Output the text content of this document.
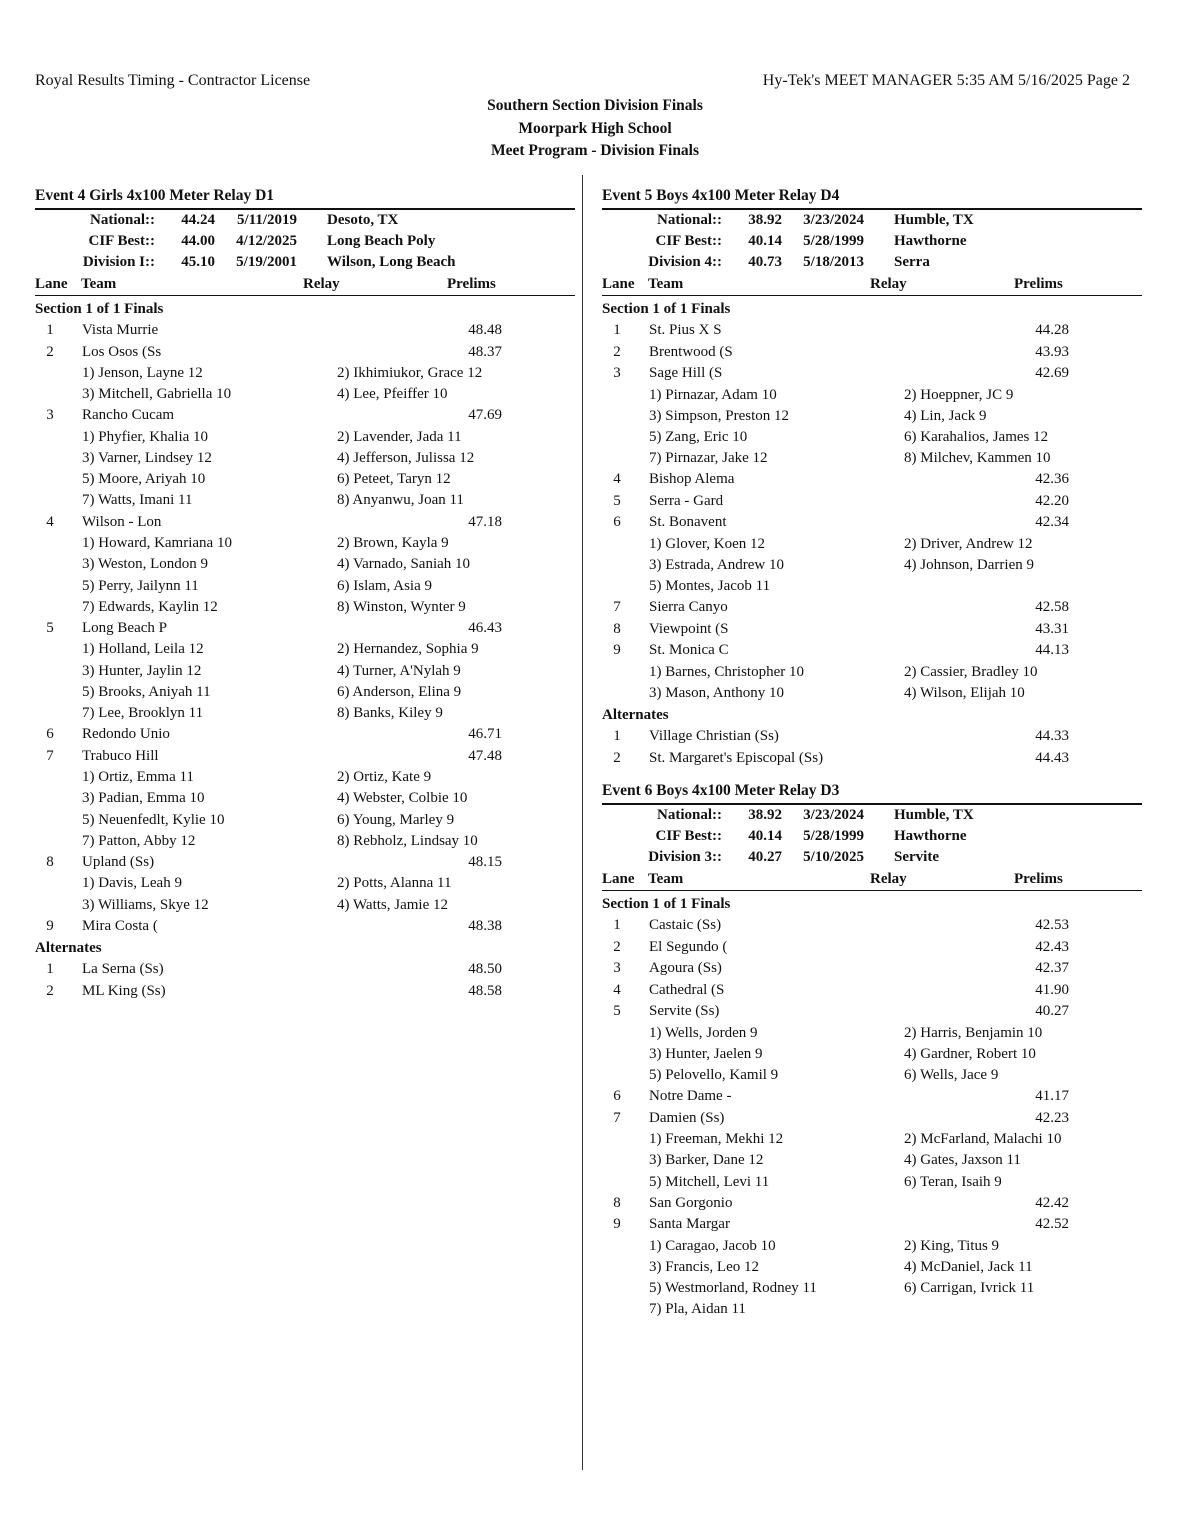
Royal Results Timing - Contractor License	Hy-Tek's MEET MANAGER 5:35 AM 5/16/2025 Page 2
Southern Section Division Finals
Moorpark High School
Meet Program - Division Finals
Event 4 Girls 4x100 Meter Relay D1
National::	44.24	5/11/2019 Desoto, TX
CIF Best::	44.00	4/12/2025 Long Beach Poly
Division I::	45.10	5/19/2001 Wilson, Long Beach
Lane Team	Relay	Prelims
Section 1 of 1 Finals
1	Vista Murrie	48.48
2	Los Osos (Ss	48.37
1) Jenson, Layne 12	2) Ikhimiukor, Grace 12
3) Mitchell, Gabriella 10	4) Lee, Pfeiffer 10
3	Rancho Cucam	47.69
1) Phyfier, Khalia 10	2) Lavender, Jada 11
3) Varner, Lindsey 12	4) Jefferson, Julissa 12
5) Moore, Ariyah 10	6) Peteet, Taryn 12
7) Watts, Imani 11	8) Anyanwu, Joan 11
4	Wilson - Lon	47.18
1) Howard, Kamriana 10	2) Brown, Kayla 9
3) Weston, London 9	4) Varnado, Saniah 10
5) Perry, Jailynn 11	6) Islam, Asia 9
7) Edwards, Kaylin 12	8) Winston, Wynter 9
5	Long Beach P	46.43
1) Holland, Leila 12	2) Hernandez, Sophia 9
3) Hunter, Jaylin 12	4) Turner, A'Nylah 9
5) Brooks, Aniyah 11	6) Anderson, Elina 9
7) Lee, Brooklyn 11	8) Banks, Kiley 9
6	Redondo Unio	46.71
7	Trabuco Hill	47.48
1) Ortiz, Emma 11	2) Ortiz, Kate 9
3) Padian, Emma 10	4) Webster, Colbie 10
5) Neuenfedlt, Kylie 10	6) Young, Marley 9
7) Patton, Abby 12	8) Rebholz, Lindsay 10
8	Upland (Ss)	48.15
1) Davis, Leah 9	2) Potts, Alanna 11
3) Williams, Skye 12	4) Watts, Jamie 12
9	Mira Costa (	48.38
Alternates
1	La Serna (Ss)	48.50
2	ML King (Ss)	48.58
Event 5 Boys 4x100 Meter Relay D4
National::	38.92	3/23/2024 Humble, TX
CIF Best::	40.14	5/28/1999 Hawthorne
Division 4::	40.73	5/18/2013 Serra
Lane Team	Relay	Prelims
Section 1 of 1 Finals
1	St. Pius X S	44.28
2	Brentwood (S	43.93
3	Sage Hill (S	42.69
1) Pirnazar, Adam 10	2) Hoeppner, JC 9
3) Simpson, Preston 12	4) Lin, Jack 9
5) Zang, Eric 10	6) Karahalios, James 12
7) Pirnazar, Jake 12	8) Milchev, Kammen 10
4	Bishop Alema	42.36
5	Serra - Gard	42.20
6	St. Bonavent	42.34
1) Glover, Koen 12	2) Driver, Andrew 12
3) Estrada, Andrew 10	4) Johnson, Darrien 9
5) Montes, Jacob 11
7	Sierra Canyo	42.58
8	Viewpoint (S	43.31
9	St. Monica C	44.13
1) Barnes, Christopher 10	2) Cassier, Bradley 10
3) Mason, Anthony 10	4) Wilson, Elijah 10
Alternates
1	Village Christian (Ss)	44.33
2	St. Margaret's Episcopal (Ss)	44.43
Event 6 Boys 4x100 Meter Relay D3
National::	38.92	3/23/2024 Humble, TX
CIF Best::	40.14	5/28/1999 Hawthorne
Division 3::	40.27	5/10/2025 Servite
Lane Team	Relay	Prelims
Section 1 of 1 Finals
1	Castaic (Ss)	42.53
2	El Segundo (	42.43
3	Agoura (Ss)	42.37
4	Cathedral (S	41.90
5	Servite (Ss)	40.27
1) Wells, Jorden 9	2) Harris, Benjamin 10
3) Hunter, Jaelen 9	4) Gardner, Robert 10
5) Pelovello, Kamil 9	6) Wells, Jace 9
6	Notre Dame -	41.17
7	Damien (Ss)	42.23
1) Freeman, Mekhi 12	2) McFarland, Malachi 10
3) Barker, Dane 12	4) Gates, Jaxson 11
5) Mitchell, Levi 11	6) Teran, Isaih 9
8	San Gorgonio	42.42
9	Santa Margar	42.52
1) Caragao, Jacob 10	2) King, Titus 9
3) Francis, Leo 12	4) McDaniel, Jack 11
5) Westmorland, Rodney 11	6) Carrigan, Ivrick 11
7) Pla, Aidan 11
